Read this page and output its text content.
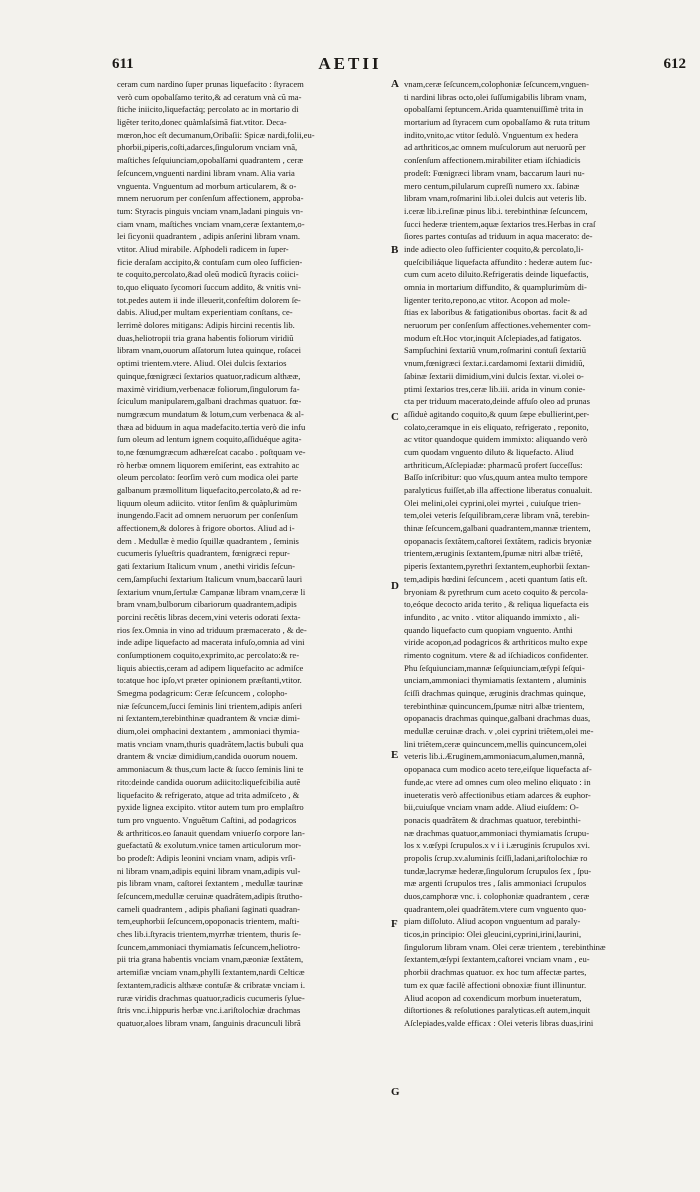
611	AETII	612
ceram cum nardino ſuper prunas liquefacito : ſtyracem
verò cum opobalſamo terito,& ad ceratum vnà cũ ma-
ſtiche iniicito,liquefactáq; percolato ac in mortario di
ligẽter terito,donec quàmlaſsimã fiat.vtitor. Deca-
mœron,hoc eſt decumanum,Oribaſii: Spicæ nardi,folii,eu-
phorbii,piperis,coſti,adarces,ſingulorum vnciam vnã,
maſtiches ſeſquiunciam,opobalſami quadrantem , ceræ
ſeſcuncem,vnguenti nardini libram vnam. Alia varia
vnguenta. Vnguentum ad morbum articularem, & o-
mnem neruorum per conſenſum affectionem, approba-
tum: Styracis pinguis vnciam vnam,ladani pinguis vn-
ciam vnam, maſtiches vnciam vnam,ceræ ſextantem,o-
lei ſicyonii quadrantem , adipis anſerini libram vnam.
vtitor. Aliud mirabile. Aſphodeli radicem in ſuper-
ficie deraſam accipito,& contuſam cum oleo ſufficien-
te coquito,percolato,&ad oleũ modicũ ſtyracis coiici-
to,quo eliquato ſycomori ſuccum addito, & vnitis vni-
tot.pedes autem ii inde illeuerit,confeſtim dolorem ſe-
dabis. Aliud,per multam experientiam conſtans, ce-
lerrimè dolores mitigans: Adipis hircini recentis lib.
duas,heliotropii tria grana habentis foliorum viridiũ
libram vnam,ouorum aſſatorum lutea quinque, roſacei
optimi trientem.vtere. Aliud. Olei dulcis ſextarios
quinque,fœnigræci ſextarios quatuor,radicum althææ,
maximè viridium,verbenacæ foliorum,ſingulorum fa-
ſciculum manipularem,galbani drachmas quatuor. fœ-
numgræcum mundatum & lotum,cum verbenaca & al-
thæa ad biduum in aqua madefacito.tertia verò die infu
ſum oleum ad lentum ignem coquito,aſſiduéque agita-
to,ne fœnumgræcum adhæreſcat cacabo . poſtquam ve-
rò herbæ omnem liquorem emiſerint, eas extrahito ac
oleum percolato: ſeorſim verò cum modica olei parte
galbanum præmollitum liquefacito,percolato,& ad re-
liquum oleum adiicito. vtitor ſenſim & quàplurimùm
inungendo.Facit ad omnem neruorum per conſenſum
affectionem,& dolores à frigore obortos. Aliud ad i-
dem . Medullæ è medio ſquillæ quadrantem , ſeminis
cucumeris ſylueſtris quadrantem, fœnigræci repur-
gati ſextarium Italicum vnum , anethi viridis ſeſcun-
cem,ſampſuchi ſextarium Italicum vnum,baccarũ lauri
ſextarium vnum,ſertulæ Campanæ libram vnam,ceræ li
bram vnam,bulborum cibariorum quadrantem,adipis
porcini recẽtis libras decem,vini veteris odorati ſexta-
rios ſex.Omnia in vino ad triduum præmacerato , & de-
inde adipe liquefacto ad macerata infuſo,omnia ad vini
conſumptionem coquito,exprimito,ac percolato:& re-
liquis abiectis,ceram ad adipem liquefacito ac admiſce
to:atque hoc ipſo,vt præter opinionem præſtanti,vtitor.
Smegma podagricum: Ceræ ſeſcuncem , colopho-
niæ ſeſcuncem,ſucci ſeminis lini trientem,adipis anſeri
ni ſextantem,terebinthinæ quadrantem & vnciæ dimi-
dium,olei omphacini dextantem , ammoniaci thymia-
matis vnciam vnam,thuris quadrãtem,lactis bubuli qua
drantem & vnciæ dimidium,candida ouorum nouem.
ammoniacum & thus,cum lacte & ſucco ſeminis lini te
rito:deinde candida ouorum adiicito:liquefcibilia autẽ
liquefacito & refrigerato, atque ad trita admiſceto , &
pyxide lignea excipito. vtitor autem tum pro emplaſtro
tum pro vnguento. Vnguẽtum Caſtini, ad podagricos
& arthriticos.eo ſanauit quendam vniuerſo corpore lan-
guefactatũ & exolutum.vnice tamen articulorum mor-
bo prodeſt: Adipis leonini vnciam vnam, adipis vrſi-
ni libram vnam,adipis equini libram vnam,adipis vul-
pis libram vnam, caſtorei ſextantem , medullæ taurinæ
ſeſcuncem,medullæ ceruinæ quadrãtem,adipis ſtrutho-
cameli quadrantem , adipis phaſiani ſaginati quadran-
tem,euphorbii ſeſcuncem,opoponacis trientem, maſti-
ches lib.i.ſtyracis trientem,myrrhæ trientem, thuris ſe-
ſcuncem,ammoniaci thymiamatis ſeſcuncem,heliotro-
pii tria grana habentis vnciam vnam,pæoniæ ſextãtem,
artemiſiæ vnciam vnam,phylli ſextantem,nardi Celticæ
ſextantem,radicis althææ contuſæ & cribratæ vnciam i.
ruræ viridis drachmas quatuor,radicis cucumeris ſylue-
ſtris vnc.i.hippuris herbæ vnc.i.ariſtolochiæ drachmas
quatuor,aloes libram vnam, ſanguinis dracunculi librã
A
B
C
D
E
F
G
vnam,ceræ ſeſcuncem,colophoniæ ſeſcuncem,vnguen-
ti nardini libras octo,olei ſuſſumigabilis libram vnam,
opobalſami ſeptuncem.Arida quamtenuiſſimè trita in
mortarium ad ſtyracem cum opobalſamo & ruta tritum
indito,vnito,ac vtitor ſedulò. Vnguentum ex hedera
ad arthriticos,ac omnem muſculorum aut neruorũ per
conſenſum affectionem.mirabiliter etiam iſchiadicis
prodeſt: Fœnigræci libram vnam, baccarum lauri nu-
mero centum,pilularum cupreſſi numero xx. ſabinæ
libram vnam,roſmarini lib.i.olei dulcis aut veteris lib.
i.ceræ lib.i.reſinæ pinus lib.i. terebinthinæ ſeſcuncem,
ſucci hederæ trientem,aquæ ſextarios tres.Herbas in craſ
ſiores partes contuſas ad triduum in aqua macerato: de-
inde adiecto oleo ſufficienter coquito,& percolato,li-
queſcibiliáque liquefacta affundito : hederæ autem ſuc-
cum cum aceto diluito.Refrigeratis deinde liquefactis,
omnia in mortarium diffundito, & quamplurimùm di-
ligenter terito,repono,ac vtitor. Acopon ad mole-
ſtias ex laboribus & fatigationibus obortas. facit & ad
neruorum per conſenſum affectiones.vehementer com-
modum eſt.Hoc vtor,inquit Aſclepiades,ad fatigatos.
Sampſuchini ſextariũ vnum,roſmarini contuſi ſextariũ
vnum,fœnigræci ſextar.i.cardamomi ſextarii dimidiũ,
ſabinæ ſextarii dimidium,vini dulcis ſextar. vi.olei o-
ptimi ſextarios tres,ceræ lib.iii. arida in vinum conie-
cta per triduum macerato,deinde affuſo oleo ad prunas
aſſiduè agitando coquito,& quum ſæpe ebullierint,per-
colato,ceramque in eis eliquato, refrigerato , reponito,
ac vtitor quandoque quidem immixto: aliquando verò
cum quodam vnguento diluto & liquefacto. Aliud
arthriticum,Aſclepiadæ: pharmacũ profert ſucceſſus:
Baſſo inſcribitur: quo vſus,quum antea multo tempore
paralyticus fuiſſet,ab illa affectione liberatus conualuit.
Olei melini,olei cyprini,olei myrtei , cuiuſque trien-
tem,olei veteris ſeſquilibram,ceræ libram vnã, terebin-
thinæ ſeſcuncem,galbani quadrantem,mannæ trientem,
opopanacis ſextãtem,caſtorei ſextãtem, radicis bryoniæ
trientem,æruginis ſextantem,ſpumæ nitri albæ triẽtẽ,
piperis ſextantem,pyrethri ſextantem,euphorbii ſextan-
tem,adipis hœdini ſeſcuncem , aceti quantum ſatis eſt.
bryoniam & pyrethrum cum aceto coquito & percola-
to,eóque decocto arida terito , & reliqua liquefacta eis
infundito , ac vnito . vtitor aliquando immixto , ali-
quando liquefacto cum quopiam vnguento. Anthi
viride acopon,ad podagricos & arthriticos multo expe
rimento cognitum. vtere & ad iſchiadicos confidenter.
Phu ſeſquiunciam,mannæ ſeſquiunciam,œſypi ſeſqui-
unciam,ammoniaci thymiamatis ſextantem , aluminis
ſciſſi drachmas quinque, æruginis drachmas quinque,
terebinthinæ quincuncem,ſpumæ nitri albæ trientem,
opopanacis drachmas quinque,galbani drachmas duas,
medullæ ceruinæ drach. v ,olei cyprini triẽtem,olei me-
lini triẽtem,ceræ quincuncem,mellis quincuncem,olei
veteris lib.i.Æruginem,ammoniacum,alumen,mannã,
opopanaca cum modico aceto tere,eiſque liquefacta af-
funde,ac vtere ad omnes cum oleo melino eliquato : in
inueteratis verò affectionibus etiam adarces & euphor-
bii,cuiuſque vnciam vnam adde. Aliud eiuſdem: O-
ponacis quadrãtem & drachmas quatuor, terebinthi-
næ drachmas quatuor,ammoniaci thymiamatis ſcrupu-
los x v.œſypi ſcrupulos.x v i i i.æruginis ſcrupulos xvi.
propolis ſcrup.xv.aluminis ſciſſi,ladani,ariſtolochiæ ro
tundæ,lacrymæ hederæ,ſingulorum ſcrupulos ſex , ſpu-
mæ argenti ſcrupulos tres , ſalis ammoniaci ſcrupulos
duos,camphoræ vnc. i. colophoniæ quadrantem , ceræ
quadrantem,olei quadrãtem.vtere cum vnguento quo-
piam diſſoluto. Aliud acopon vnguentum ad paraly-
ticos,in principio: Olei gleucini,cyprini,irini,laurini,
ſingulorum libram vnam. Olei ceræ trientem , terebinthinæ
ſextantem,œſypi ſextantem,caſtorei vnciam vnam , eu-
phorbii drachmas quatuor. ex hoc tum affectæ partes,
tum ex quæ facilè affectioni obnoxiæ fiunt illinuntur.
Aliud acopon ad coxendicum morbum inueteratum,
diſtortiones & reſolutiones paralyticas.eſt autem,inquit
Aſclepiades,valde efficax : Olei veteris libras duas,irini
